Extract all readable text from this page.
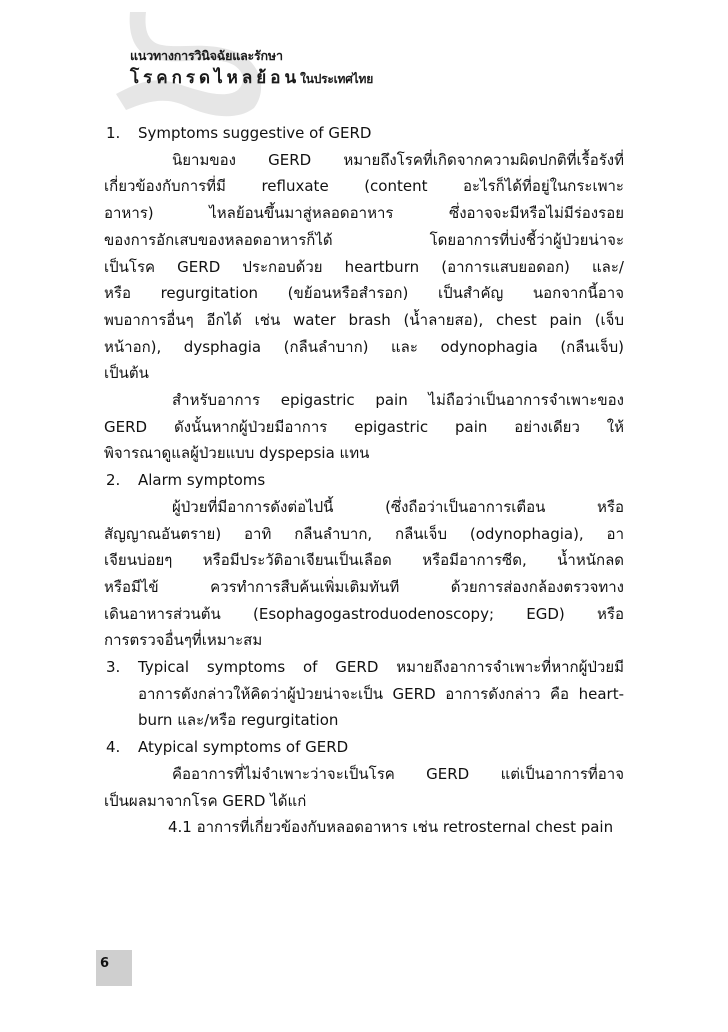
แนวทางการวินิจฉัยและรักษา
โรคกรดไหลย้อนในประเทศไทย
1.	Symptoms suggestive of GERD
นิยามของ GERD หมายถึงโรคที่เกิดจากความผิดปกติที่เรื้อรังที่
เกี่ยวข้องกับการที่มี refluxate (content อะไรก็ได้ที่อยู่ในกระเพาะ
อาหาร) ไหลย้อนขึ้นมาสู่หลอดอาหาร ซึ่งอาจจะมีหรือไม่มีร่องรอย
ของการอักเสบของหลอดอาหารก็ได้ โดยอาการที่บ่งชี้ว่าผู้ป่วยน่าจะ
เป็นโรค GERD ประกอบด้วย heartburn (อาการแสบยอดอก) และ/
หรือ regurgitation (ขย้อนหรือสำรอก) เป็นสำคัญ นอกจากนี้อาจ
พบอาการอื่นๆ อีกได้ เช่น water brash (น้ำลายสอ), chest pain (เจ็บ
หน้าอก), dysphagia (กลืนลำบาก) และ odynophagia (กลืนเจ็บ)
เป็นต้น
สำหรับอาการ epigastric pain ไม่ถือว่าเป็นอาการจำเพาะของ
GERD ดังนั้นหากผู้ป่วยมีอาการ epigastric pain อย่างเดียว ให้
พิจารณาดูแลผู้ป่วยแบบ dyspepsia แทน
2.	Alarm symptoms
ผู้ป่วยที่มีอาการดังต่อไปนี้ (ซึ่งถือว่าเป็นอาการเตือน หรือ
สัญญาณอันตราย) อาทิ กลืนลำบาก, กลืนเจ็บ (odynophagia), อา
เจียนบ่อยๆ หรือมีประวัติอาเจียนเป็นเลือด หรือมีอาการซีด, น้ำหนักลด
หรือมีไข้ ควรทำการสืบค้นเพิ่มเติมทันที ด้วยการส่องกล้องตรวจทาง
เดินอาหารส่วนต้น (Esophagogastroduodenoscopy; EGD) หรือ
การตรวจอื่นๆที่เหมาะสม
3.	Typical symptoms of GERD หมายถึงอาการจำเพาะที่หากผู้ป่วยมี
อาการดังกล่าวให้คิดว่าผู้ป่วยน่าจะเป็น GERD อาการดังกล่าว คือ heart-
burn และ/หรือ regurgitation
4.	Atypical symptoms of GERD
คืออาการที่ไม่จำเพาะว่าจะเป็นโรค GERD แต่เป็นอาการที่อาจ
เป็นผลมาจากโรค GERD ได้แก่
4.1 อาการที่เกี่ยวข้องกับหลอดอาหาร เช่น retrosternal chest pain
6
